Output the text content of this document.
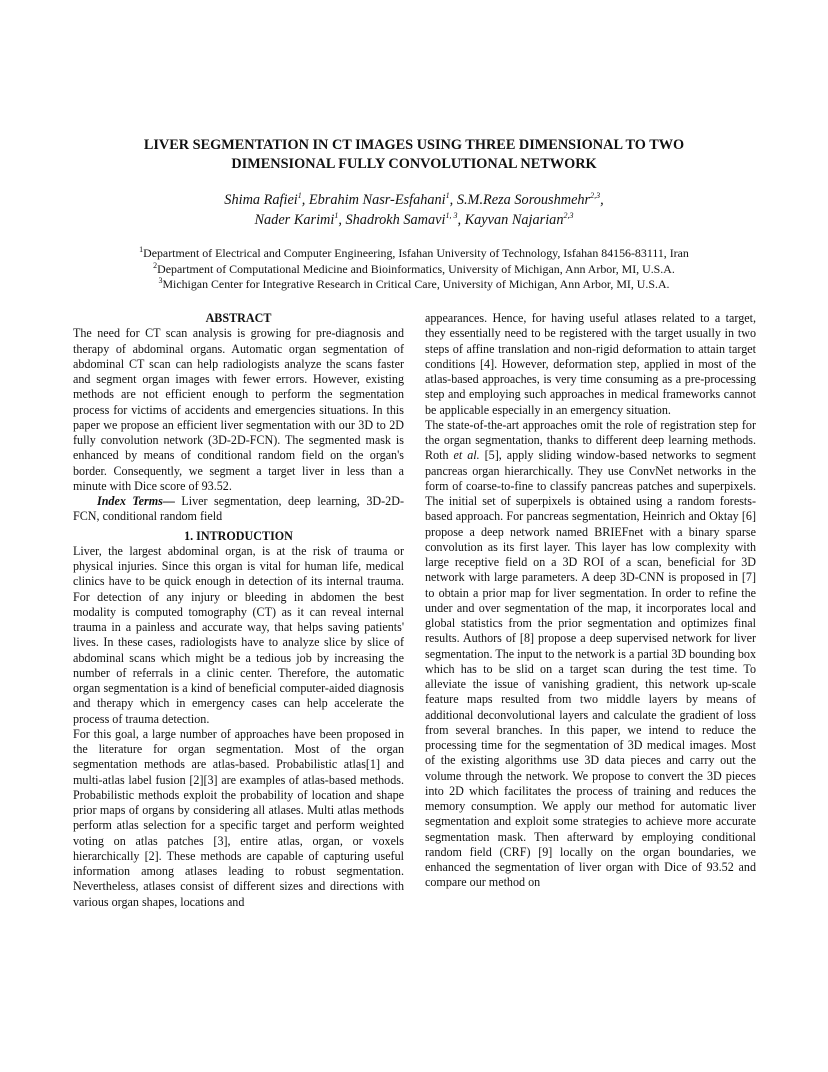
LIVER SEGMENTATION IN CT IMAGES USING THREE DIMENSIONAL TO TWO
DIMENSIONAL FULLY CONVOLUTIONAL NETWORK
Shima Rafiei$^1$, Ebrahim Nasr-Esfahani$^1$, S.M.Reza Soroushmehr$^{2,3}$,
Nader Karimi$^1$, Shadrokh Samavi$^{1, 3}$, Kayvan Najarian$^{2,3}$
$^1$Department of Electrical and Computer Engineering, Isfahan University of Technology, Isfahan 84156-83111, Iran
$^2$Department of Computational Medicine and Bioinformatics, University of Michigan, Ann Arbor, MI, U.S.A.
$^3$Michigan Center for Integrative Research in Critical Care, University of Michigan, Ann Arbor, MI, U.S.A.

ABSTRACT

The need for CT scan analysis is growing for pre-diagnosis and therapy of abdominal organs. Automatic organ segmentation of abdominal CT scan can help radiologists analyze the scans faster and segment organ images with fewer errors. However, existing methods are not efficient enough to perform the segmentation process for victims of accidents and emergencies situations. In this paper we propose an efficient liver segmentation with our 3D to 2D fully convolution network (3D-2D-FCN). The segmented mask is enhanced by means of conditional random field on the organ's border. Consequently, we segment a target liver in less than a minute with Dice score of 93.52.

Index Terms— Liver segmentation, deep learning, 3D-2D-FCN, conditional random field

1. INTRODUCTION

Liver, the largest abdominal organ, is at the risk of trauma or physical injuries. Since this organ is vital for human life, medical clinics have to be quick enough in detection of its internal trauma. For detection of any injury or bleeding in abdomen the best modality is computed tomography (CT) as it can reveal internal trauma in a painless and accurate way, that helps saving patients' lives. In these cases, radiologists have to analyze slice by slice of abdominal scans which might be a tedious job by increasing the number of referrals in a clinic center. Therefore, the automatic organ segmentation is a kind of beneficial computer-aided diagnosis and therapy which in emergency cases can help accelerate the process of trauma detection.

For this goal, a large number of approaches have been proposed in the literature for organ segmentation. Most of the organ segmentation methods are atlas-based. Probabilistic atlas[1] and multi-atlas label fusion [2][3] are examples of atlas-based methods. Probabilistic methods exploit the probability of location and shape prior maps of organs by considering all atlases. Multi atlas methods perform atlas selection for a specific target and perform weighted voting on atlas patches [3], entire atlas, organ, or voxels hierarchically [2]. These methods are capable of capturing useful information among atlases leading to robust segmentation. Nevertheless, atlases consist of different sizes and directions with various organ shapes, locations and

appearances. Hence, for having useful atlases related to a target, they essentially need to be registered with the target usually in two steps of affine translation and non-rigid deformation to attain target conditions [4]. However, deformation step, applied in most of the atlas-based approaches, is very time consuming as a pre-processing step and employing such approaches in medical frameworks cannot be applicable especially in an emergency situation.

The state-of-the-art approaches omit the role of registration step for the organ segmentation, thanks to different deep learning methods. Roth et al. [5], apply sliding window-based networks to segment pancreas organ hierarchically. They use ConvNet networks in the form of coarse-to-fine to classify pancreas patches and superpixels. The initial set of superpixels is obtained using a random forests-based approach. For pancreas segmentation, Heinrich and Oktay [6] propose a deep network named BRIEFnet with a binary sparse convolution as its first layer. This layer has low complexity with large receptive field on a 3D ROI of a scan, beneficial for 3D network with large parameters. A deep 3D-CNN is proposed in [7] to obtain a prior map for liver segmentation. In order to refine the under and over segmentation of the map, it incorporates local and global statistics from the prior segmentation and optimizes final results. Authors of [8] propose a deep supervised network for liver segmentation. The input to the network is a partial 3D bounding box which has to be slid on a target scan during the test time. To alleviate the issue of vanishing gradient, this network up-scale feature maps resulted from two middle layers by means of additional deconvolutional layers and calculate the gradient of loss from several branches. In this paper, we intend to reduce the processing time for the segmentation of 3D medical images. Most of the existing algorithms use 3D data pieces and carry out the volume through the network. We propose to convert the 3D pieces into 2D which facilitates the process of training and reduces the memory consumption. We apply our method for automatic liver segmentation and exploit some strategies to achieve more accurate segmentation mask. Then afterward by employing conditional random field (CRF) [9] locally on the organ boundaries, we enhanced the segmentation of liver organ with Dice of 93.52 and compare our method on
